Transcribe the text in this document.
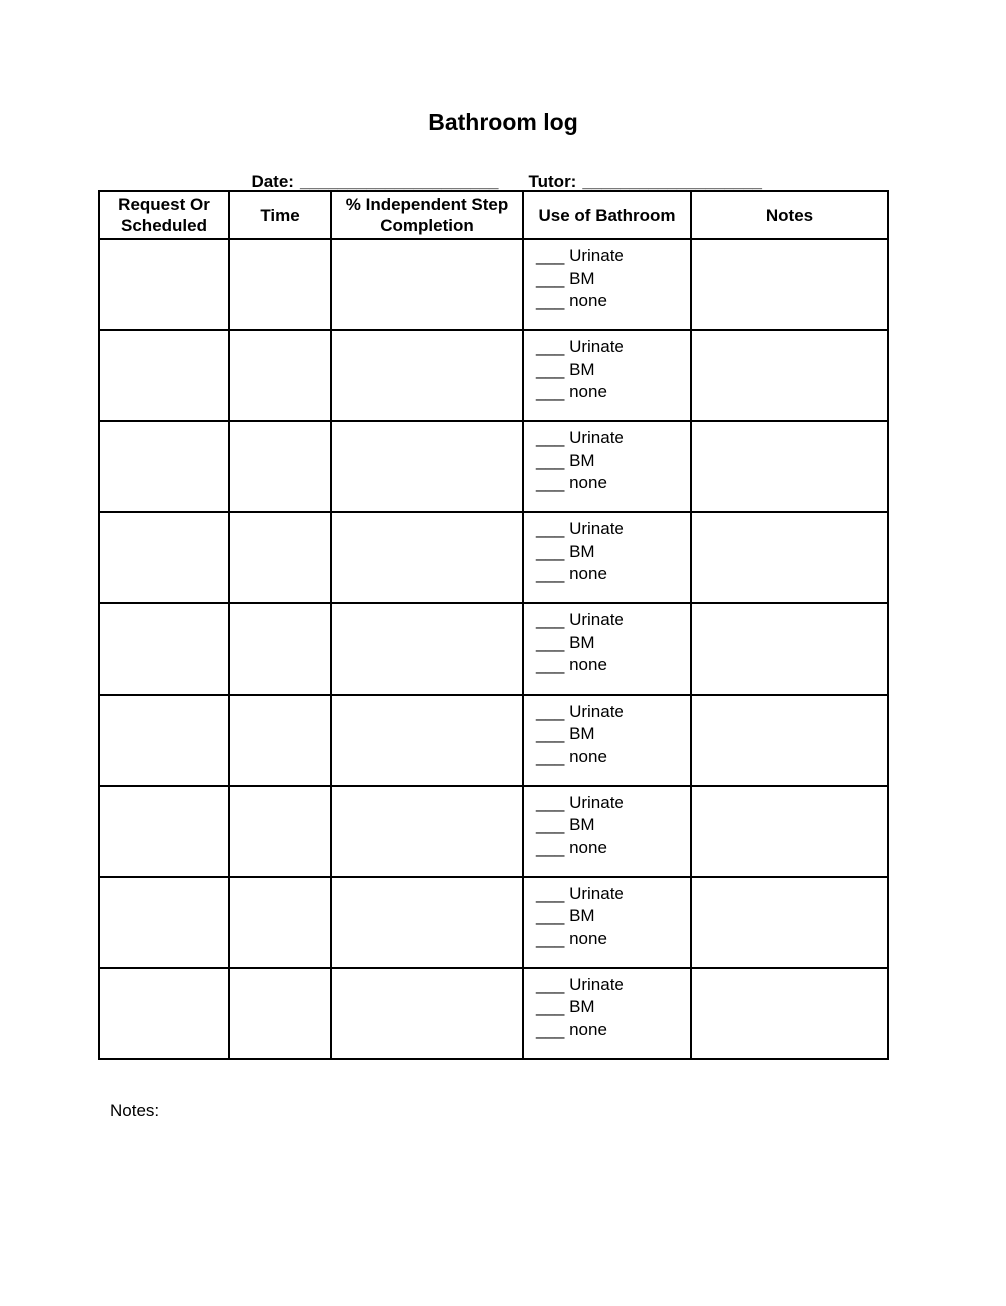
Bathroom log

Date: _____________________ Tutor: ___________________

Request Or Scheduled	Time	% Independent Step Completion	Use of Bathroom	Notes

			___ Urinate
___ BM
___ none	

			___ Urinate
___ BM
___ none	

			___ Urinate
___ BM
___ none	

			___ Urinate
___ BM
___ none	

			___ Urinate
___ BM
___ none	

			___ Urinate
___ BM
___ none	

			___ Urinate
___ BM
___ none	

			___ Urinate
___ BM
___ none	

			___ Urinate
___ BM
___ none	

Notes:
